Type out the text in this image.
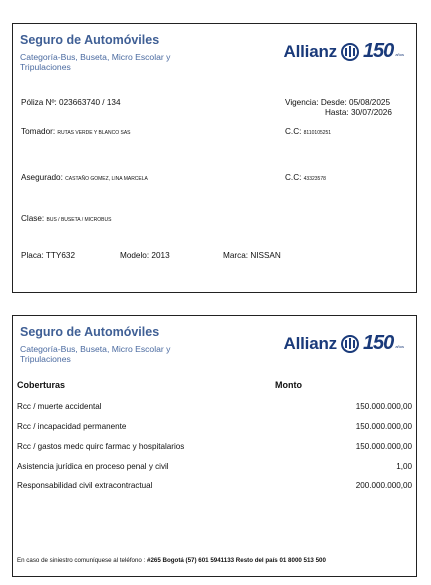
Seguro de Automóviles
Categoría-Bus, Buseta, Micro Escolar y Tripulaciones
Allianz 150 años
Póliza Nº: 023663740 / 134	Vigencia: Desde: 05/08/2025
Hasta: 30/07/2026
Tomador: RUTAS VERDE Y BLANCO SAS	C.C: 8110105251
Asegurado: CASTAÑO GOMEZ, LINA MARCELA	C.C: 43323578
Clase: BUS / BUSETA / MICROBUS
Placa: TTY632	Modelo: 2013	Marca: NISSAN
Seguro de Automóviles
Categoría-Bus, Buseta, Micro Escolar y Tripulaciones
Allianz 150 años
Coberturas	Monto
Rcc / muerte accidental	150.000.000,00
Rcc / incapacidad permanente	150.000.000,00
Rcc / gastos medc quirc farmac y hospitalarios	150.000.000,00
Asistencia jurídica en proceso penal y civil	1,00
Responsabilidad civil extracontractual	200.000.000,00
En caso de siniestro comuníquese al teléfono : #265 Bogotá (57) 601 5941133 Resto del país 01 8000 513 500
